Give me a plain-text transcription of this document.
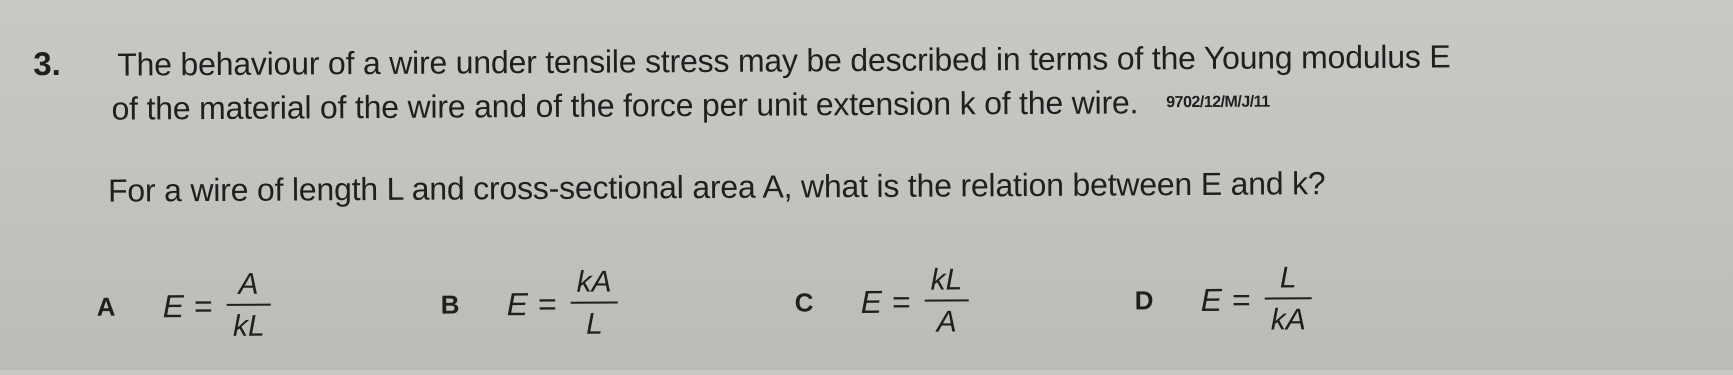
3. The behaviour of a wire under tensile stress may be described in terms of the Young modulus E
of the material of the wire and of the force per unit extension k of the wire. 9702/12/M/J/11
For a wire of length L and cross-sectional area A, what is the relation between E and k?
A	$E = \frac{A}{kL}$	B	$E = \frac{kA}{L}$	C	$E = \frac{kL}{A}$	D	$E = \frac{L}{kA}$
